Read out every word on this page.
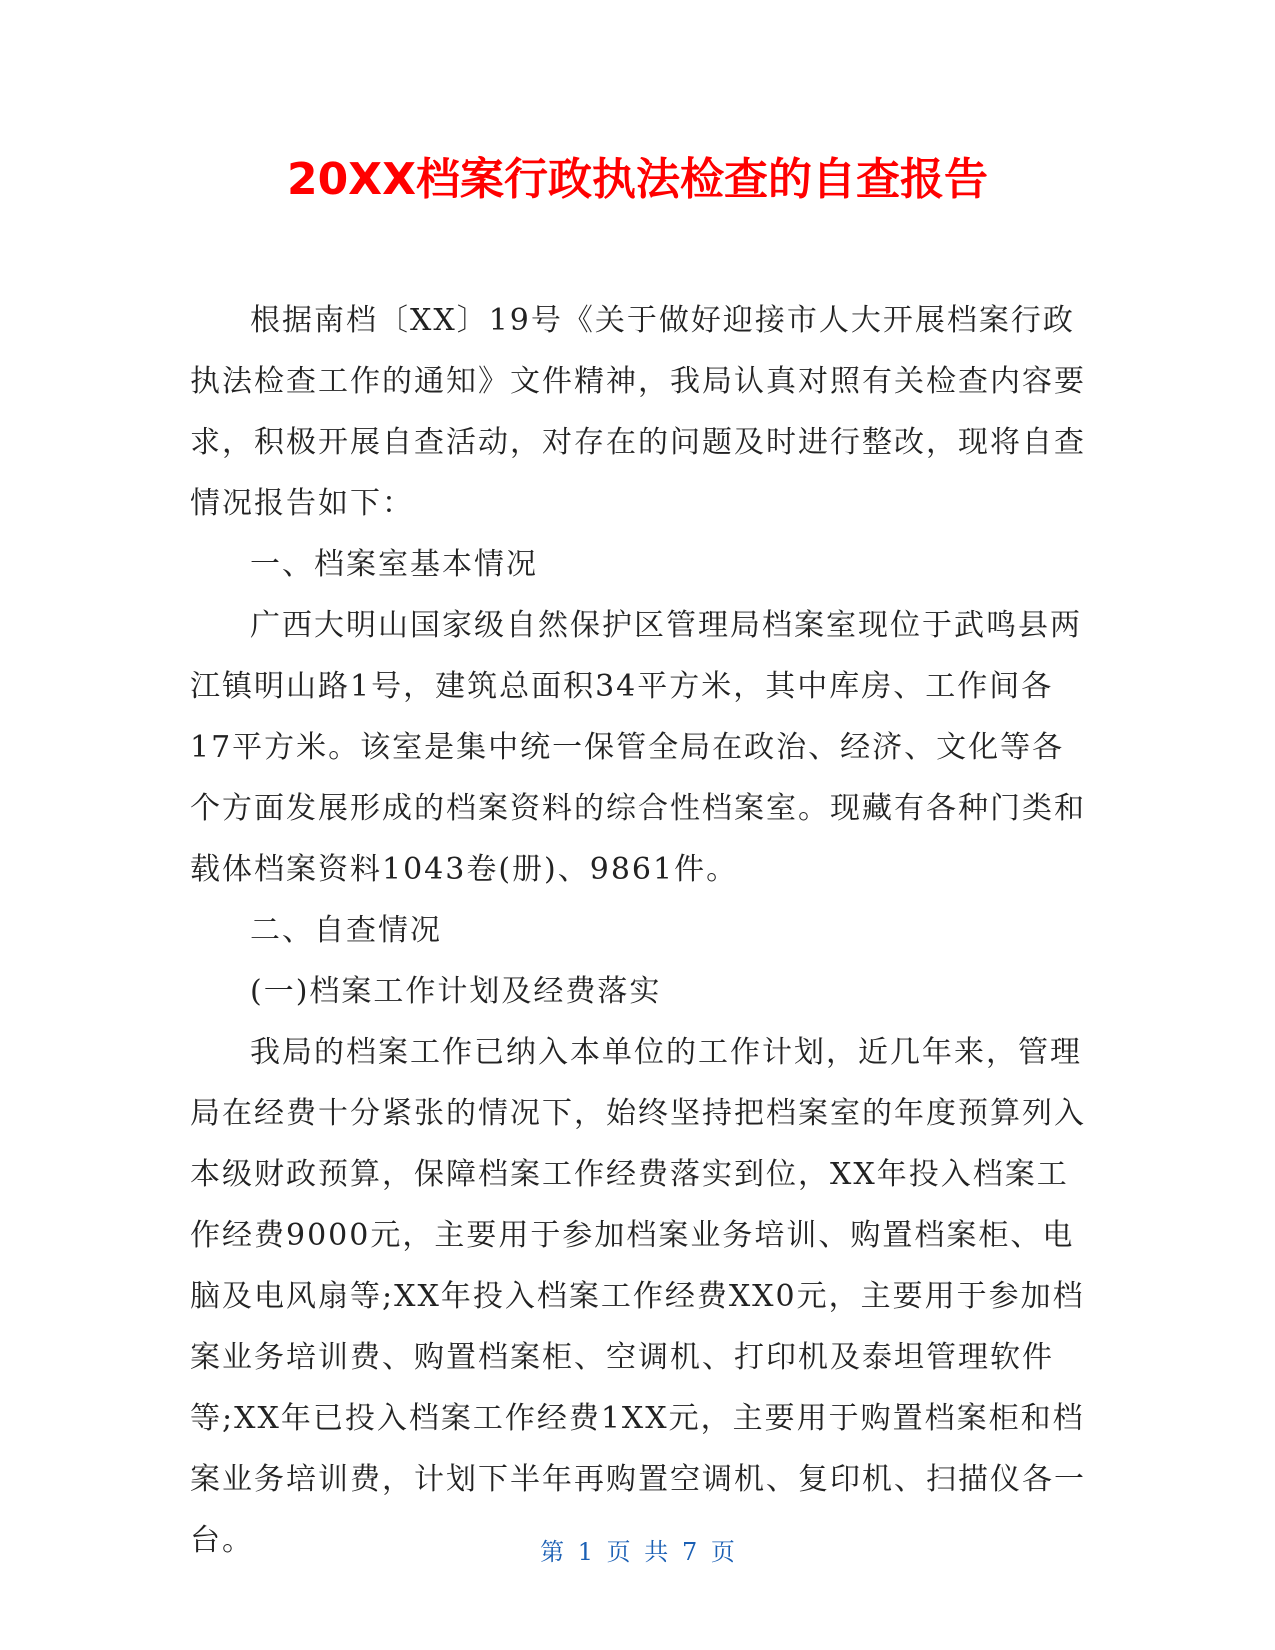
20XX档案行政执法检查的自查报告

根据南档〔XX〕19号《关于做好迎接市人大开展档案行政执法检查工作的通知》文件精神，我局认真对照有关检查内容要求，积极开展自查活动，对存在的问题及时进行整改，现将自查情况报告如下：

一、档案室基本情况

广西大明山国家级自然保护区管理局档案室现位于武鸣县两江镇明山路1号，建筑总面积34平方米，其中库房、工作间各17平方米。该室是集中统一保管全局在政治、经济、文化等各个方面发展形成的档案资料的综合性档案室。现藏有各种门类和载体档案资料1043卷(册)、9861件。

二、自查情况

(一)档案工作计划及经费落实

我局的档案工作已纳入本单位的工作计划，近几年来，管理局在经费十分紧张的情况下，始终坚持把档案室的年度预算列入本级财政预算，保障档案工作经费落实到位，XX年投入档案工作经费9000元，主要用于参加档案业务培训、购置档案柜、电脑及电风扇等;XX年投入档案工作经费XX0元，主要用于参加档案业务培训费、购置档案柜、空调机、打印机及泰坦管理软件等;XX年已投入档案工作经费1XX元，主要用于购置档案柜和档案业务培训费，计划下半年再购置空调机、复印机、扫描仪各一台。	第 1 页 共 7 页
